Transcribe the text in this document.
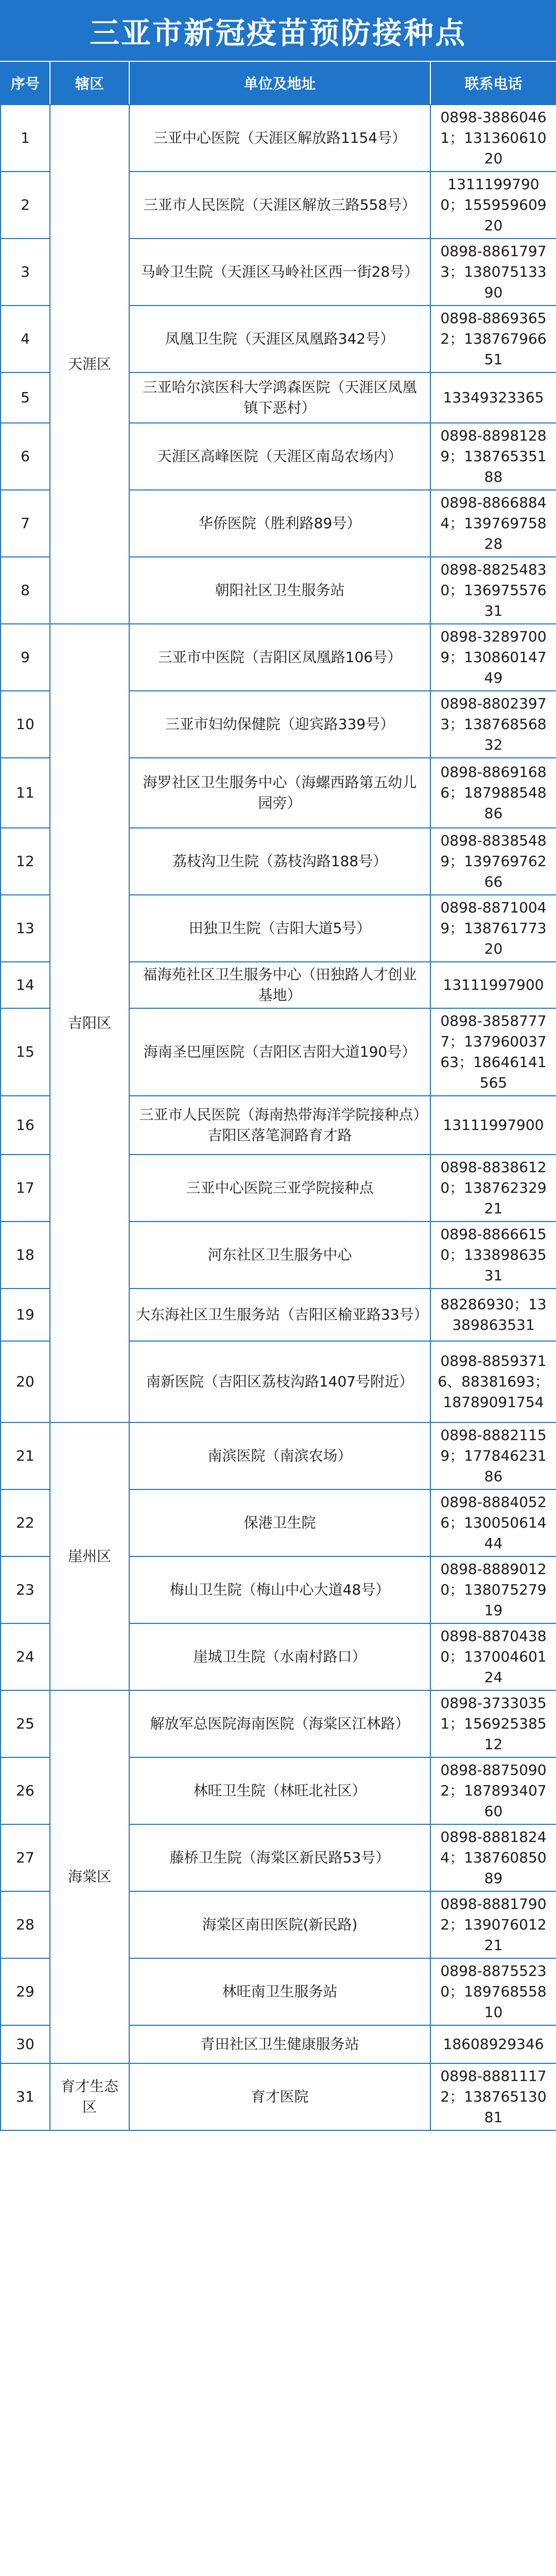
三亚市新冠疫苗预防接种点
序号	辖区	单位及地址	联系电话
1	天涯区	三亚中心医院（天涯区解放路1154号）	0898-38860461；13136061020
2		三亚市人民医院（天涯区解放三路558号）	13111997900；15595960920
3		马岭卫生院（天涯区马岭社区西一街28号）	0898-88617973；13807513390
4		凤凰卫生院（天涯区凤凰路342号）	0898-88693652；13876796651
5		三亚哈尔滨医科大学鸿森医院（天涯区凤凰镇下恶村）	13349323365
6		天涯区高峰医院（天涯区南岛农场内）	0898-88981289；13876535188
7		华侨医院（胜利路89号）	0898-88668844；13976975828
8		朝阳社区卫生服务站	0898-88254830；13697557631
9	吉阳区	三亚市中医院（吉阳区凤凰路106号）	0898-32897009；13086014749
10		三亚市妇幼保健院（迎宾路339号）	0898-88023973；13876856832
11		海罗社区卫生服务中心（海螺西路第五幼儿园旁）	0898-88691686；18798854886
12		荔枝沟卫生院（荔枝沟路188号）	0898-88385489；13976976266
13		田独卫生院（吉阳大道5号）	0898-88710049；13876177320
14		福海苑社区卫生服务中心（田独路人才创业基地）	13111997900
15		海南圣巴厘医院（吉阳区吉阳大道190号）	0898-38587777；13796003763；18646141565
16		三亚市人民医院（海南热带海洋学院接种点）吉阳区落笔洞路育才路	13111997900
17		三亚中心医院三亚学院接种点	0898-88386120；13876232921
18		河东社区卫生服务中心	0898-88666150；13389863531
19		大东海社区卫生服务站（吉阳区榆亚路33号）	88286930；13389863531
20		南新医院（吉阳区荔枝沟路1407号附近）	0898-88593716、88381693；18789091754
21	崖州区	南滨医院（南滨农场）	0898-88821159；17784623186
22		保港卫生院	0898-88840526；13005061444
23		梅山卫生院（梅山中心大道48号）	0898-88890120；13807527919
24		崖城卫生院（水南村路口）	0898-88704380；13700460124
25	海棠区	解放军总医院海南医院（海棠区江林路）	0898-37330351；15692538512
26		林旺卫生院（林旺北社区）	0898-88750902；18789340760
27		藤桥卫生院（海棠区新民路53号）	0898-88818244；13876085089
28		海棠区南田医院(新民路)	0898-88817902；13907601221
29		林旺南卫生服务站	0898-88755230；18976855810
30		青田社区卫生健康服务站	18608929346
31	育才生态区	育才医院	0898-88811172；13876513081
